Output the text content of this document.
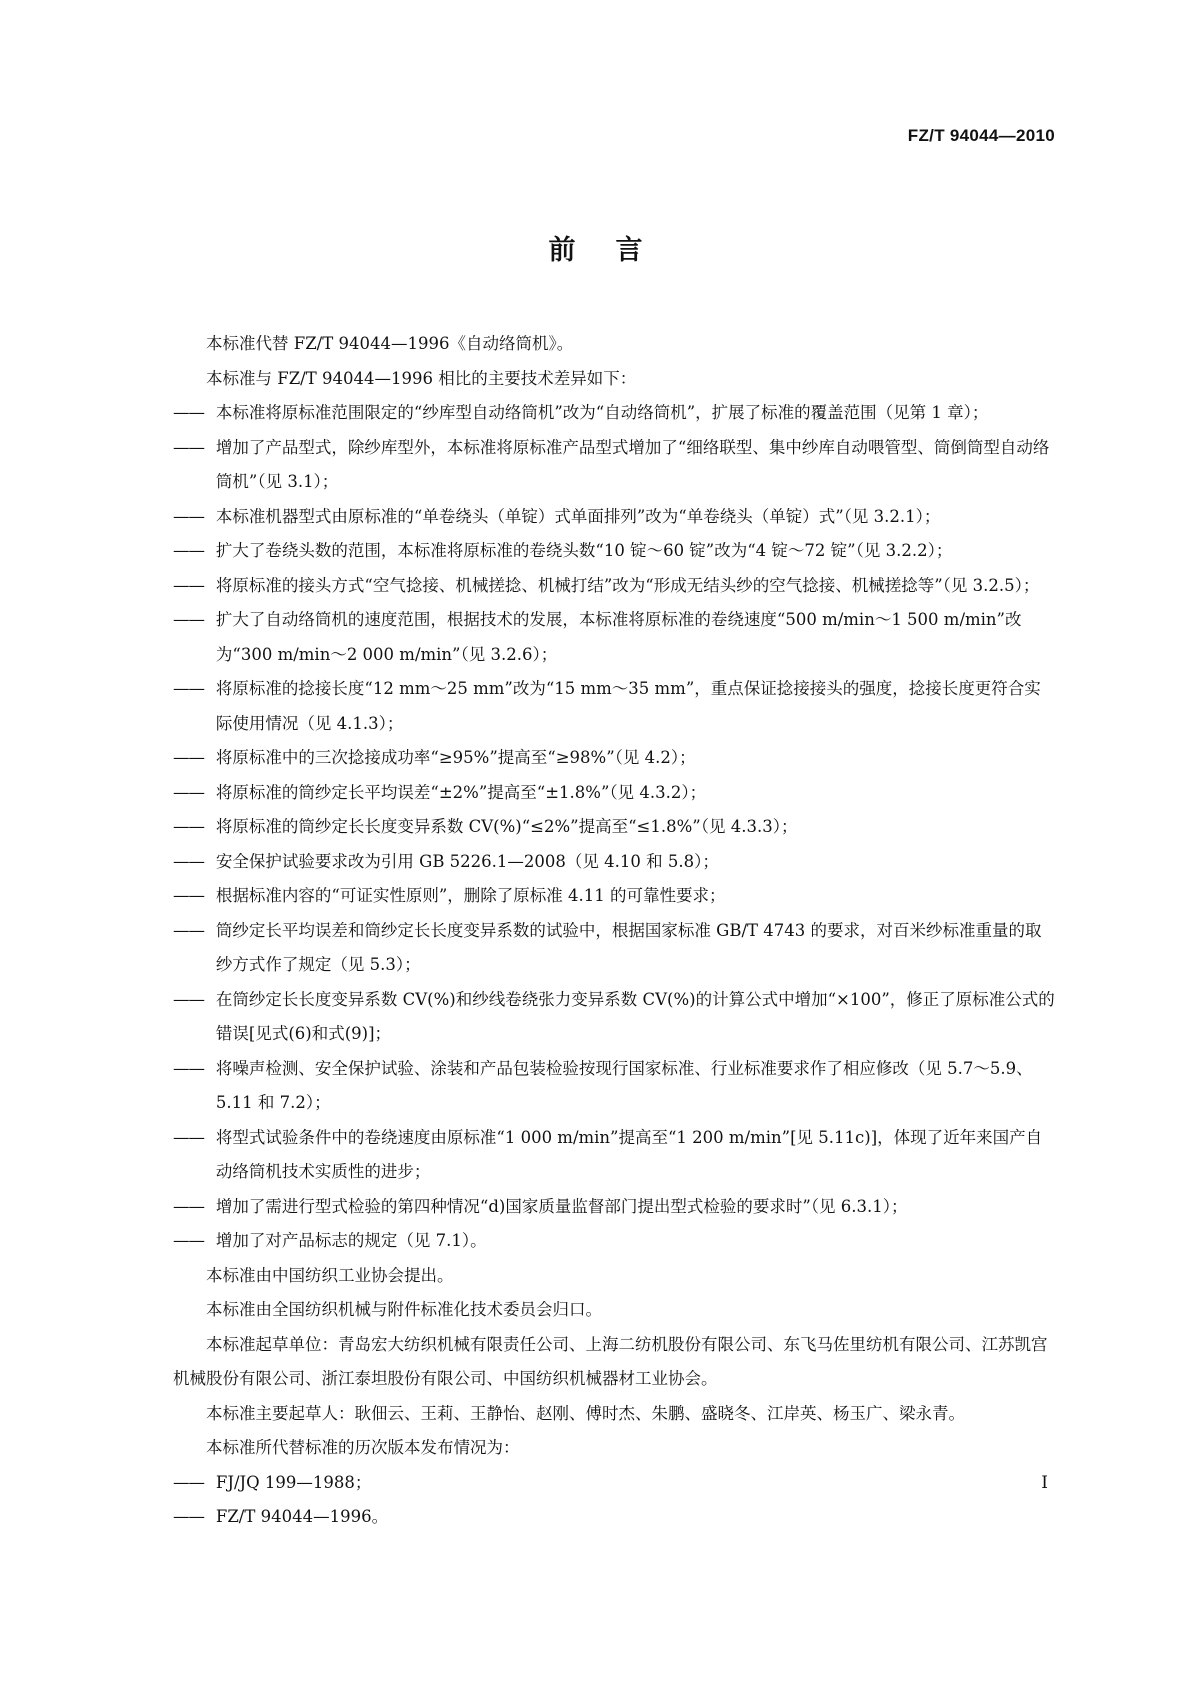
FZ/T 94044—2010
前言

本标准代替 FZ/T 94044—1996《自动络筒机》。

本标准与 FZ/T 94044—1996 相比的主要技术差异如下：

—— 本标准将原标准范围限定的“纱库型自动络筒机”改为“自动络筒机”，扩展了标准的覆盖范围（见第 1 章）；

—— 增加了产品型式，除纱库型外，本标准将原标准产品型式增加了“细络联型、集中纱库自动喂管型、筒倒筒型自动络筒机”（见 3.1）；

—— 本标准机器型式由原标准的“单卷绕头（单锭）式单面排列”改为“单卷绕头（单锭）式”（见 3.2.1）；

—— 扩大了卷绕头数的范围，本标准将原标准的卷绕头数“10 锭～60 锭”改为“4 锭～72 锭”（见 3.2.2）；

—— 将原标准的接头方式“空气捻接、机械搓捻、机械打结”改为“形成无结头纱的空气捻接、机械搓捻等”（见 3.2.5）；

—— 扩大了自动络筒机的速度范围，根据技术的发展，本标准将原标准的卷绕速度“500 m/min～1 500 m/min”改为“300 m/min～2 000 m/min”（见 3.2.6）；

—— 将原标准的捻接长度“12 mm～25 mm”改为“15 mm～35 mm”，重点保证捻接接头的强度，捻接长度更符合实际使用情况（见 4.1.3）；

—— 将原标准中的三次捻接成功率“≥95%”提高至“≥98%”（见 4.2）；

—— 将原标准的筒纱定长平均误差“±2%”提高至“±1.8%”（见 4.3.2）；

—— 将原标准的筒纱定长长度变异系数 CV(%)“≤2%”提高至“≤1.8%”（见 4.3.3）；

—— 安全保护试验要求改为引用 GB 5226.1—2008（见 4.10 和 5.8）；

—— 根据标准内容的“可证实性原则”，删除了原标准 4.11 的可靠性要求；

—— 筒纱定长平均误差和筒纱定长长度变异系数的试验中，根据国家标准 GB/T 4743 的要求，对百米纱标准重量的取纱方式作了规定（见 5.3）；

—— 在筒纱定长长度变异系数 CV(%)和纱线卷绕张力变异系数 CV(%)的计算公式中增加“×100”，修正了原标准公式的错误[见式(6)和式(9)]；

—— 将噪声检测、安全保护试验、涂装和产品包装检验按现行国家标准、行业标准要求作了相应修改（见 5.7～5.9、5.11 和 7.2）；

—— 将型式试验条件中的卷绕速度由原标准“1 000 m/min”提高至“1 200 m/min”[见 5.11c)]，体现了近年来国产自动络筒机技术实质性的进步；

—— 增加了需进行型式检验的第四种情况“d)国家质量监督部门提出型式检验的要求时”（见 6.3.1）；

—— 增加了对产品标志的规定（见 7.1）。

本标准由中国纺织工业协会提出。

本标准由全国纺织机械与附件标准化技术委员会归口。

本标准起草单位：青岛宏大纺织机械有限责任公司、上海二纺机股份有限公司、东飞马佐里纺机有限公司、江苏凯宫机械股份有限公司、浙江泰坦股份有限公司、中国纺织机械器材工业协会。

本标准主要起草人：耿佃云、王莉、王静怡、赵刚、傅时杰、朱鹏、盛晓冬、江岸英、杨玉广、梁永青。

本标准所代替标准的历次版本发布情况为：

—— FJ/JQ 199—1988；

—— FZ/T 94044—1996。

I
